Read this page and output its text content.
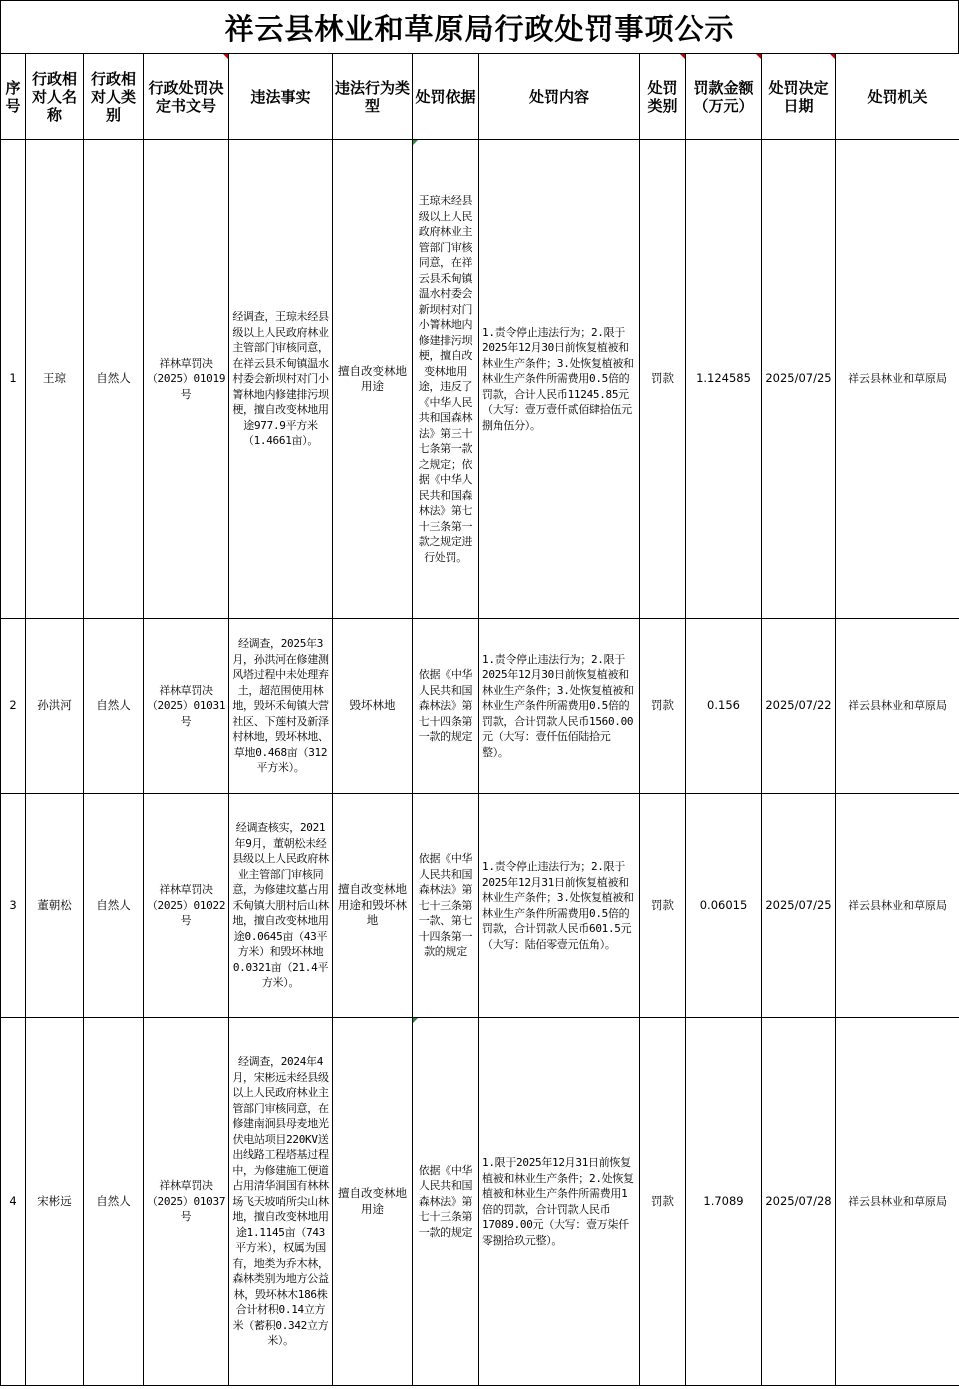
祥云县林业和草原局行政处罚事项公示
序号	行政相对人名称	行政相对人类别	行政处罚决定书文号	违法事实	违法行为类型	处罚依据	处罚内容	处罚类别	罚款金额（万元）	处罚决定日期	处罚机关
1	王琼	自然人	祥林草罚决（2025）01019号	经调查，王琼未经县级以上人民政府林业主管部门审核同意，在祥云县禾甸镇温水村委会新坝村对门小箐林地内修建排污坝梗，擅自改变林地用途977.9平方米（1.4661亩）。	擅自改变林地用途	王琼未经县级以上人民政府林业主管部门审核同意，在祥云县禾甸镇温水村委会新坝村对门小箐林地内修建排污坝梗，擅自改变林地用途，违反了《中华人民共和国森林法》第三十七条第一款之规定；依据《中华人民共和国森林法》第七十三条第一款之规定进行处罚。	1.责令停止违法行为；2.限于2025年12月30日前恢复植被和林业生产条件；3.处恢复植被和林业生产条件所需费用0.5倍的罚款，合计人民币11245.85元（大写：壹万壹仟贰佰肆拾伍元捌角伍分）。	罚款	1.124585	2025/07/25	祥云县林业和草原局
2	孙洪河	自然人	祥林草罚决（2025）01031号	经调查，2025年3月，孙洪河在修建测风塔过程中未处理弃土，超范围使用林地，毁坏禾甸镇大营社区、下莲村及新泽村林地，毁坏林地、草地0.468亩（312平方米）。	毁坏林地	依据《中华人民共和国森林法》第七十四条第一款的规定	1.责令停止违法行为；2.限于2025年12月30日前恢复植被和林业生产条件；3.处恢复植被和林业生产条件所需费用0.5倍的罚款，合计罚款人民币1560.00元（大写：壹仟伍佰陆拾元整）。	罚款	0.156	2025/07/22	祥云县林业和草原局
3	董朝松	自然人	祥林草罚决（2025）01022号	经调查核实，2021年9月，董朝松未经县级以上人民政府林业主管部门审核同意，为修建坟墓占用禾甸镇大朋村后山林地，擅自改变林地用途0.0645亩（43平方米）和毁坏林地0.0321亩（21.4平方米）。	擅自改变林地用途和毁坏林地	依据《中华人民共和国森林法》第七十三条第一款、第七十四条第一款的规定	1.责令停止违法行为；2.限于2025年12月31日前恢复植被和林业生产条件；3.处恢复植被和林业生产条件所需费用0.5倍的罚款，合计罚款人民币601.5元（大写：陆佰零壹元伍角）。	罚款	0.06015	2025/07/25	祥云县林业和草原局
4	宋彬远	自然人	祥林草罚决（2025）01037号	经调查，2024年4月，宋彬远未经县级以上人民政府林业主管部门审核同意，在修建南涧县母麦地光伏电站项目220KV送出线路工程塔基过程中，为修建施工便道占用清华洞国有林林场飞天坡哨所尖山林地，擅自改变林地用途1.1145亩（743平方米），权属为国有，地类为乔木林，森林类别为地方公益林，毁坏林木186株合计材积0.14立方米（蓄积0.342立方米）。	擅自改变林地用途	依据《中华人民共和国森林法》第七十三条第一款的规定	1.限于2025年12月31日前恢复植被和林业生产条件；2.处恢复植被和林业生产条件所需费用1倍的罚款，合计罚款人民币17089.00元（大写：壹万柒仟零捌拾玖元整）。	罚款	1.7089	2025/07/28	祥云县林业和草原局
